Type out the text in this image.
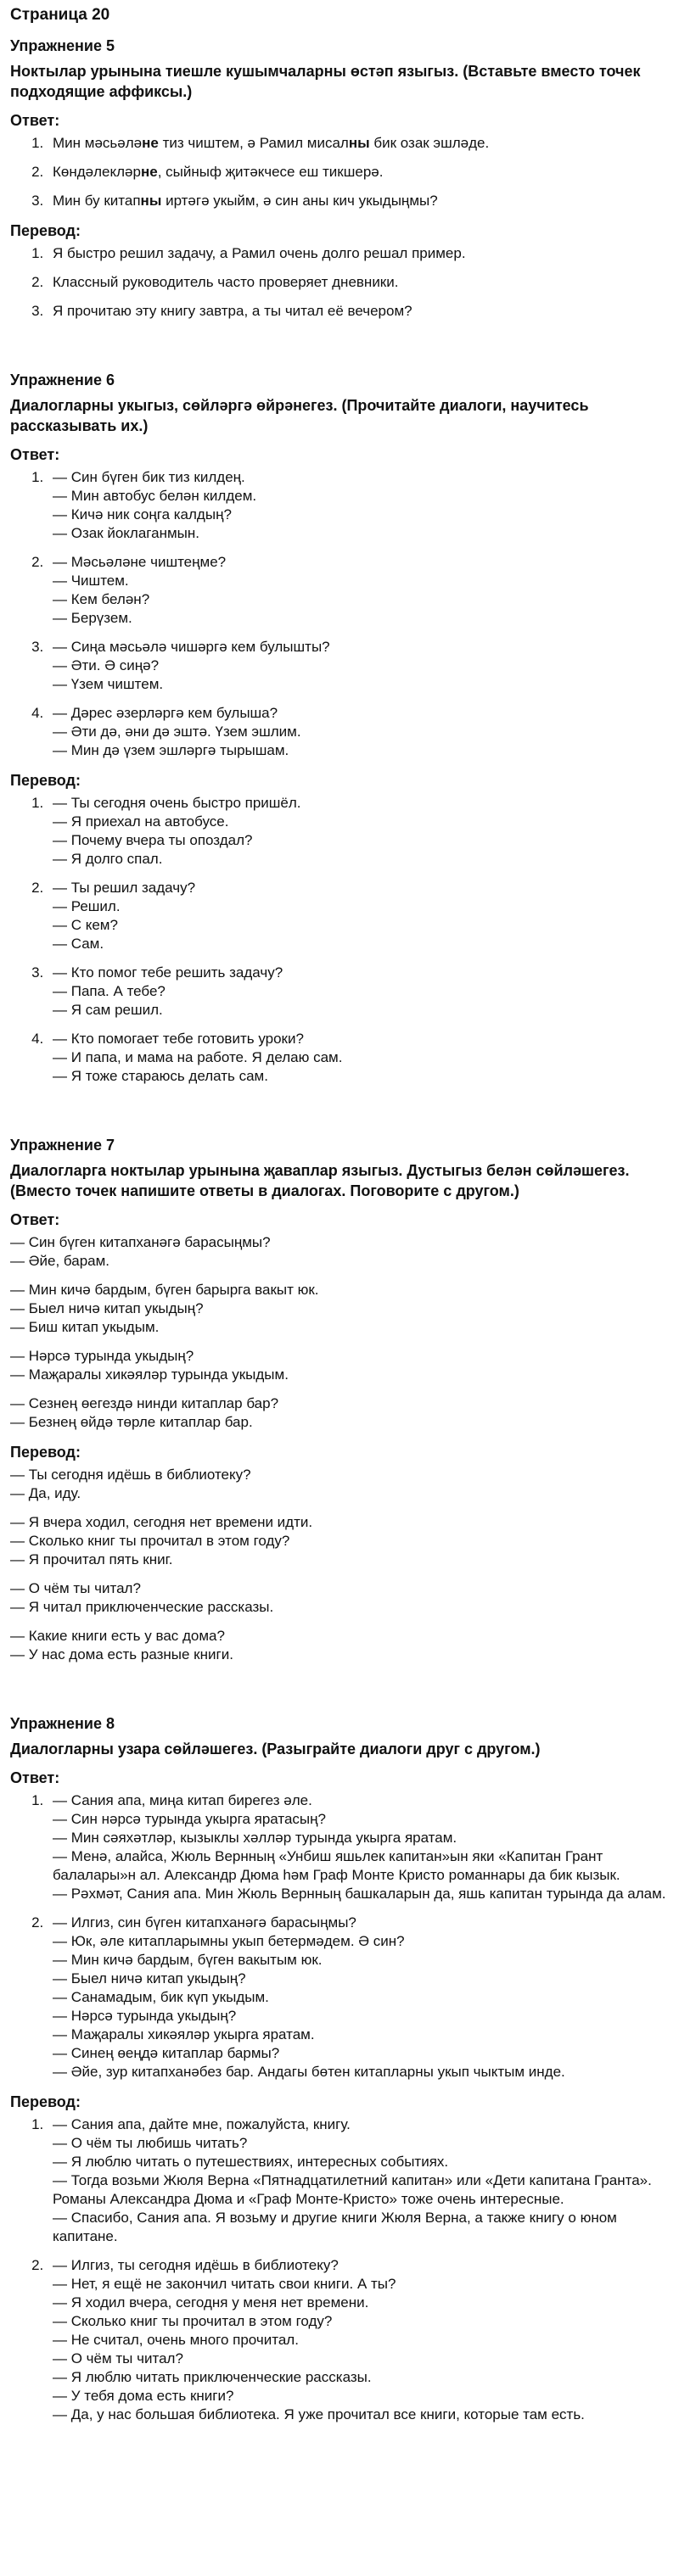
Страница 20
Упражнение 5
Ноктылар урынына тиешле кушымчаларны өстәп языгыз. (Вставьте вместо точек подходящие аффиксы.)
Ответ:
1. Мин мәсьәләне тиз чиштем, ә Рамил мисалны бик озак эшләде.
2. Көндәлекләрне, сыйныф җитәкчесе еш тикшерә.
3. Мин бу китапны иртәгә укыйм, ә син аны кич укыдыңмы?
Перевод:
1. Я быстро решил задачу, а Рамил очень долго решал пример.
2. Классный руководитель часто проверяет дневники.
3. Я прочитаю эту книгу завтра, а ты читал её вечером?
Упражнение 6
Диалогларны укыгыз, сөйләргә өйрәнегез. (Прочитайте диалоги, научитесь рассказывать их.)
Ответ:
1. — Син бүген бик тиз килдең.
— Мин автобус белән килдем.
— Кичә ник соңга калдың?
— Озак йоклаганмын.
2. — Мәсьәләне чиштеңме?
— Чиштем.
— Кем белән?
— Берүзем.
3. — Сиңа мәсьәлә чишәргә кем булышты?
— Әти. Ә сиңә?
— Үзем чиштем.
4. — Дәрес әзерләргә кем булыша?
— Әти дә, әни дә эштә. Үзем эшлим.
— Мин дә үзем эшләргә тырышам.
Перевод:
1. — Ты сегодня очень быстро пришёл.
— Я приехал на автобусе.
— Почему вчера ты опоздал?
— Я долго спал.
2. — Ты решил задачу?
— Решил.
— С кем?
— Сам.
3. — Кто помог тебе решить задачу?
— Папа. А тебе?
— Я сам решил.
4. — Кто помогает тебе готовить уроки?
— И папа, и мама на работе. Я делаю сам.
— Я тоже стараюсь делать сам.
Упражнение 7
Диалогларга ноктылар урынына җаваплар языгыз. Дустыгыз белән сөйләшегез. (Вместо точек напишите ответы в диалогах. Поговорите с другом.)
Ответ:
— Син бүген китапханәгә барасыңмы?
— Әйе, барам.
— Мин кичә бардым, бүген барырга вакыт юк.
— Быел ничә китап укыдың?
— Биш китап укыдым.
— Нәрсә турында укыдың?
— Маҗаралы хикәяләр турында укыдым.
— Сезнең өегездә нинди китаплар бар?
— Безнең өйдә төрле китаплар бар.
Перевод:
— Ты сегодня идёшь в библиотеку?
— Да, иду.
— Я вчера ходил, сегодня нет времени идти.
— Сколько книг ты прочитал в этом году?
— Я прочитал пять книг.
— О чём ты читал?
— Я читал приключенческие рассказы.
— Какие книги есть у вас дома?
— У нас дома есть разные книги.
Упражнение 8
Диалогларны узара сөйләшегез. (Разыграйте диалоги друг с другом.)
Ответ:
1. — Сания апа, миңа китап бирегез әле.
— Син нәрсә турында укырга яратасың?
— Мин сәяхәтләр, кызыклы хәлләр турында укырга яратам.
— Менә, алайса, Жюль Вернның «Унбиш яшьлек капитан»ын яки «Капитан Грант балалары»н ал. Александр Дюма һәм Граф Монте Кристо романнары да бик кызык.
— Рәхмәт, Сания апа. Мин Жюль Вернның башкаларын да, яшь капитан турында да алам.
2. — Илгиз, син бүген китапханәгә барасыңмы?
— Юк, әле китапларымны укып бетермәдем. Ә син?
— Мин кичә бардым, бүген вакытым юк.
— Быел ничә китап укыдың?
— Санамадым, бик күп укыдым.
— Нәрсә турында укыдың?
— Маҗаралы хикәяләр укырга яратам.
— Синең өеңдә китаплар бармы?
— Әйе, зур китапханәбез бар. Андагы бөтен китапларны укып чыктым инде.
Перевод:
1. — Сания апа, дайте мне, пожалуйста, книгу.
— О чём ты любишь читать?
— Я люблю читать о путешествиях, интересных событиях.
— Тогда возьми Жюля Верна «Пятнадцатилетний капитан» или «Дети капитана Гранта». Романы Александра Дюма и «Граф Монте-Кристо» тоже очень интересные.
— Спасибо, Сания апа. Я возьму и другие книги Жюля Верна, а также книгу о юном капитане.
2. — Илгиз, ты сегодня идёшь в библиотеку?
— Нет, я ещё не закончил читать свои книги. А ты?
— Я ходил вчера, сегодня у меня нет времени.
— Сколько книг ты прочитал в этом году?
— Не считал, очень много прочитал.
— О чём ты читал?
— Я люблю читать приключенческие рассказы.
— У тебя дома есть книги?
— Да, у нас большая библиотека. Я уже прочитал все книги, которые там есть.
